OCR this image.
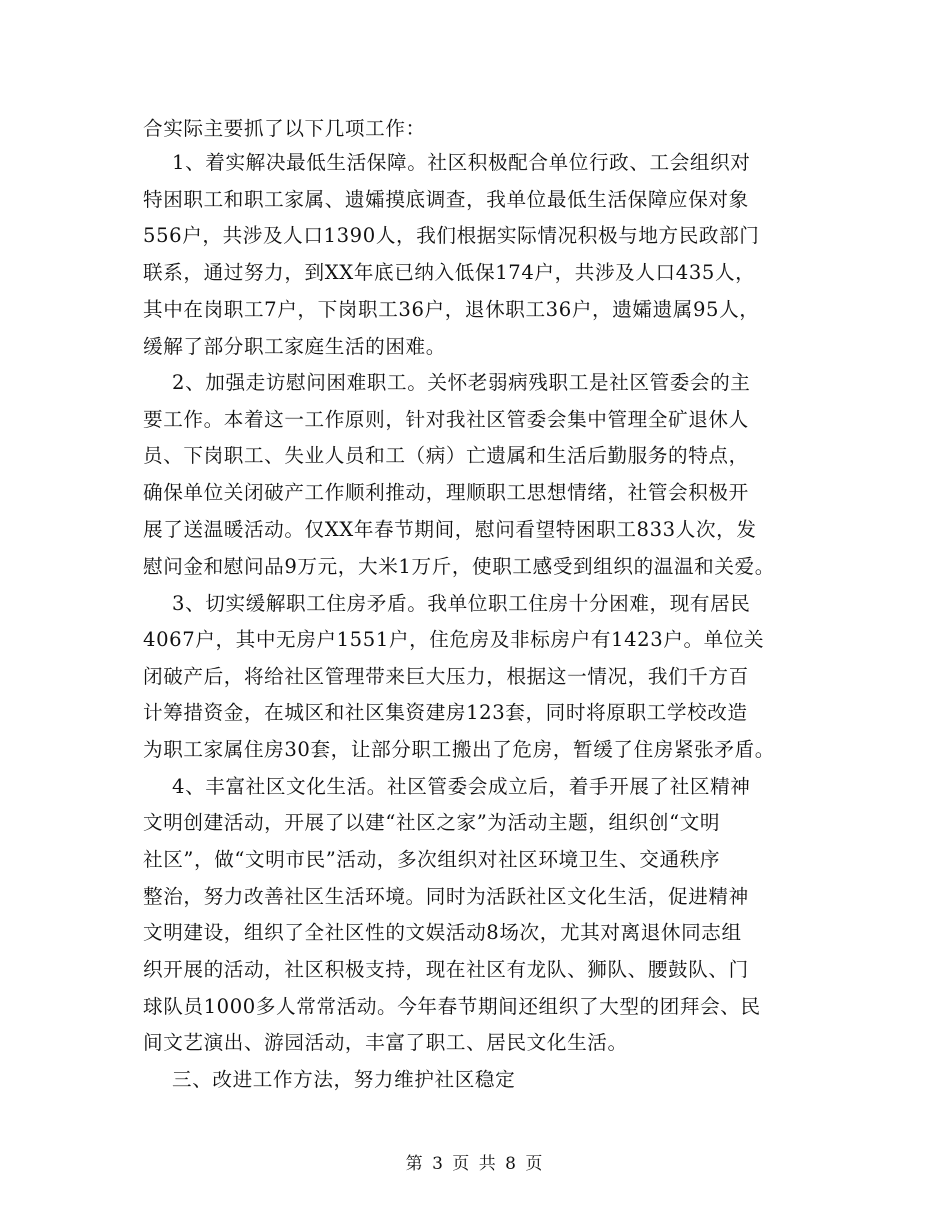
合实际主要抓了以下几项工作：
1、着实解决最低生活保障。社区积极配合单位行政、工会组织对
特困职工和职工家属、遗孀摸底调查，我单位最低生活保障应保对象
556户，共涉及人口1390人，我们根据实际情况积极与地方民政部门
联系，通过努力，到XX年底已纳入低保174户，共涉及人口435人，
其中在岗职工7户，下岗职工36户，退休职工36户，遗孀遗属95人，
缓解了部分职工家庭生活的困难。
2、加强走访慰问困难职工。关怀老弱病残职工是社区管委会的主
要工作。本着这一工作原则，针对我社区管委会集中管理全矿退休人
员、下岗职工、失业人员和工（病）亡遗属和生活后勤服务的特点，
确保单位关闭破产工作顺利推动，理顺职工思想情绪，社管会积极开
展了送温暖活动。仅XX年春节期间，慰问看望特困职工833人次，发
慰问金和慰问品9万元，大米1万斤，使职工感受到组织的温温和关爱。
3、切实缓解职工住房矛盾。我单位职工住房十分困难，现有居民
4067户，其中无房户1551户，住危房及非标房户有1423户。单位关
闭破产后，将给社区管理带来巨大压力，根据这一情况，我们千方百
计筹措资金，在城区和社区集资建房123套，同时将原职工学校改造
为职工家属住房30套，让部分职工搬出了危房，暂缓了住房紧张矛盾。
4、丰富社区文化生活。社区管委会成立后，着手开展了社区精神
文明创建活动，开展了以建“社区之家”为活动主题，组织创“文明
社区”，做“文明市民”活动，多次组织对社区环境卫生、交通秩序
整治，努力改善社区生活环境。同时为活跃社区文化生活，促进精神
文明建设，组织了全社区性的文娱活动8场次，尤其对离退休同志组
织开展的活动，社区积极支持，现在社区有龙队、狮队、腰鼓队、门
球队员1000多人常常活动。今年春节期间还组织了大型的团拜会、民
间文艺演出、游园活动，丰富了职工、居民文化生活。
三、改进工作方法，努力维护社区稳定
第 3 页 共 8 页
